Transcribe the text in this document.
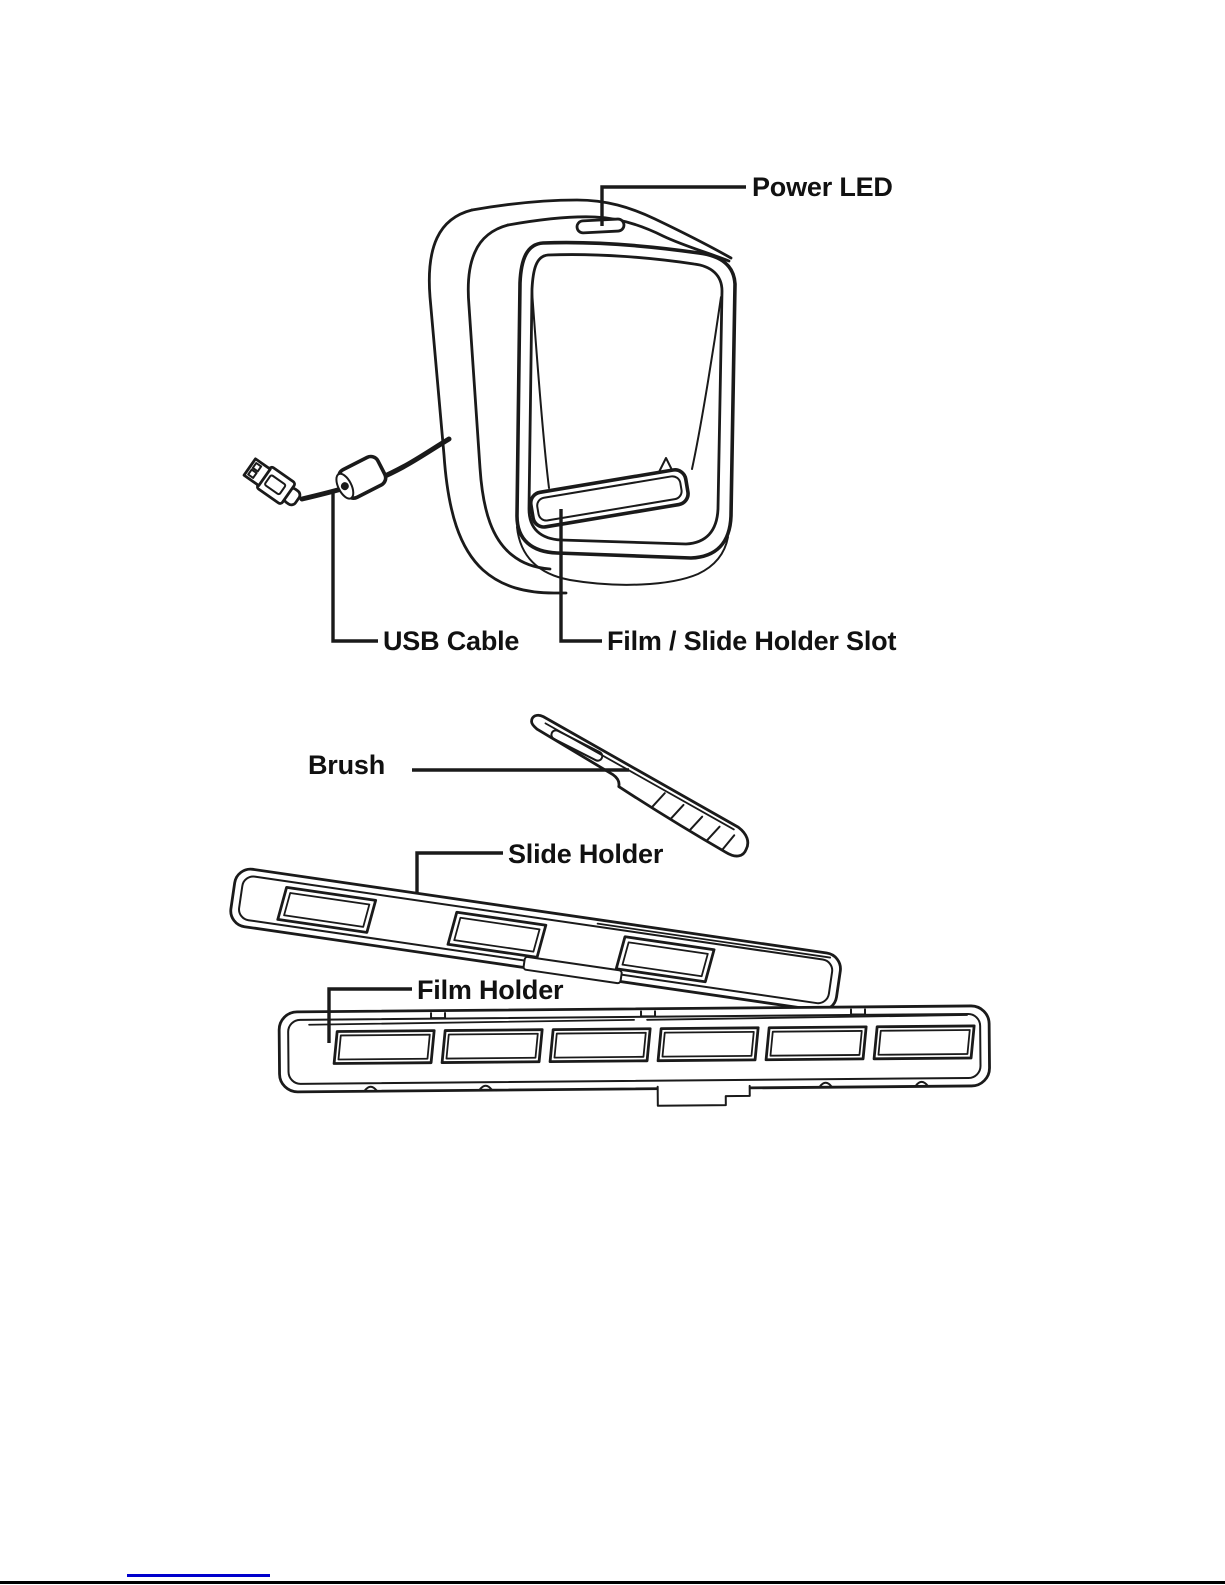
Power LED
USB Cable	Film / Slide Holder Slot
Brush
Slide Holder
Film Holder
